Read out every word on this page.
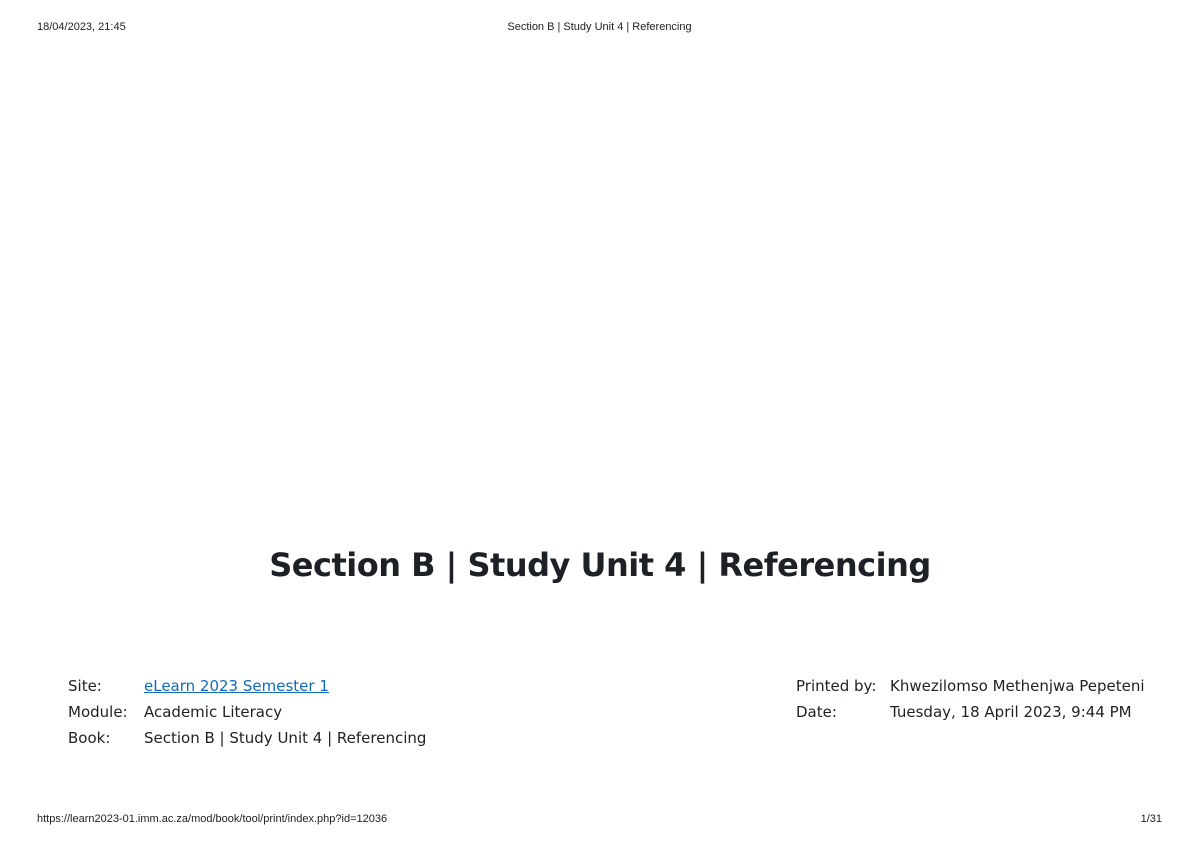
18/04/2023, 21:45	Section B | Study Unit 4 | Referencing
Section B | Study Unit 4 | Referencing
Site:	eLearn 2023 Semester 1
Module:	Academic Literacy
Book:	Section B | Study Unit 4 | Referencing
Printed by:	Khwezilomso Methenjwa Pepeteni
Date:	Tuesday, 18 April 2023, 9:44 PM
https://learn2023-01.imm.ac.za/mod/book/tool/print/index.php?id=12036	1/31
